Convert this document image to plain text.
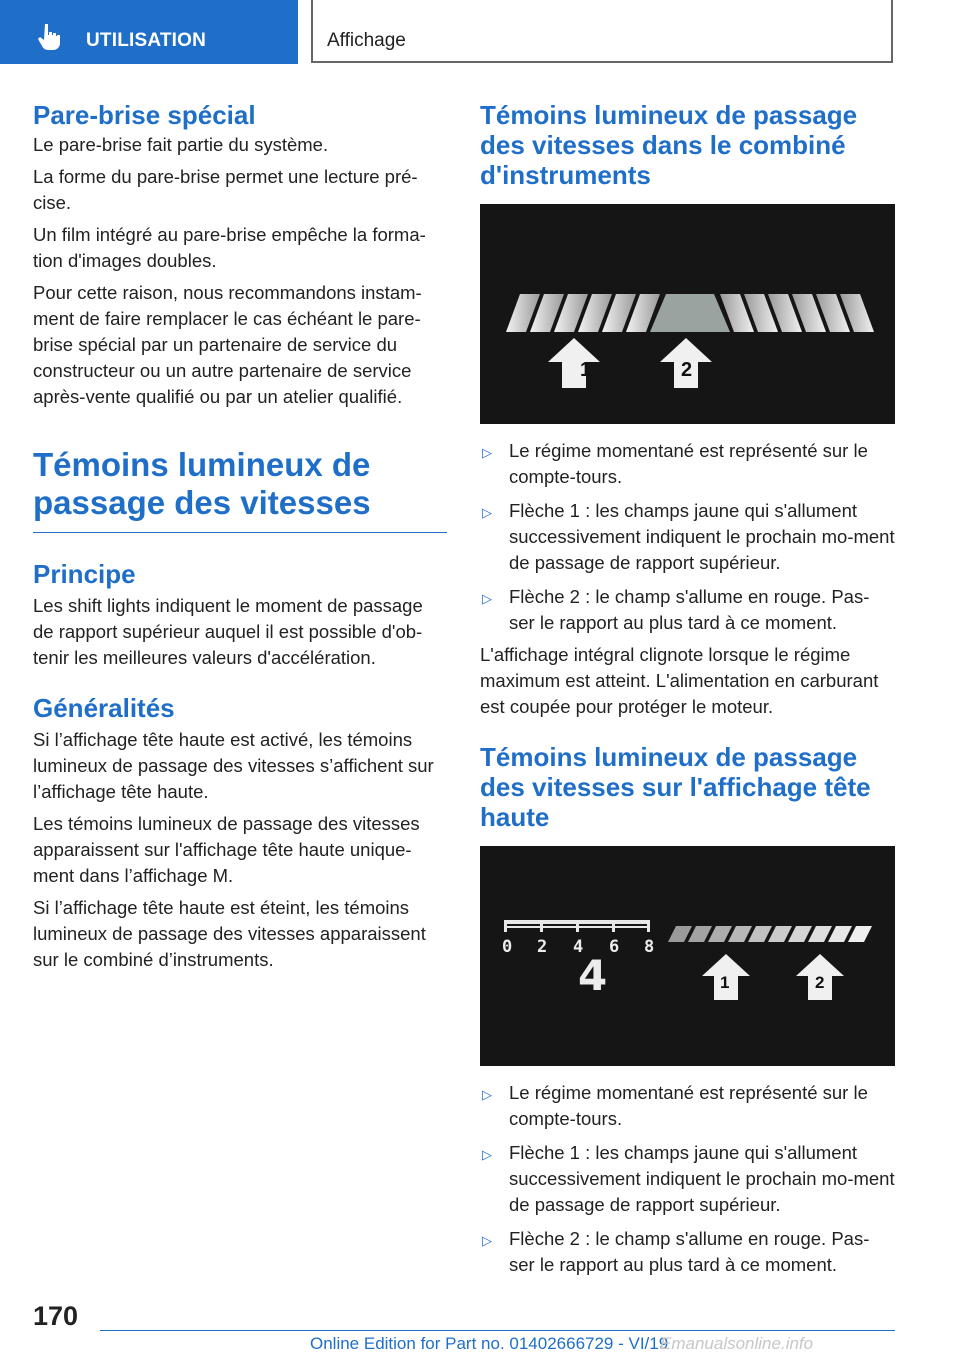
UTILISATION	Affichage
Pare-brise spécial

Le pare-brise fait partie du système.

La forme du pare-brise permet une lecture pré-cise.

Un film intégré au pare-brise empêche la forma-tion d'images doubles.

Pour cette raison, nous recommandons instam-ment de faire remplacer le cas échéant le pare-brise spécial par un partenaire de service du constructeur ou un autre partenaire de service après-vente qualifié ou par un atelier qualifié.

Témoins lumineux de passage des vitesses
Principe

Les shift lights indiquent le moment de passage de rapport supérieur auquel il est possible d'ob-tenir les meilleures valeurs d'accélération.

Généralités

Si l’affichage tête haute est activé, les témoins lumineux de passage des vitesses s’affichent sur l’affichage tête haute.

Les témoins lumineux de passage des vitesses apparaissent sur l'affichage tête haute unique-ment dans l’affichage M.

Si l’affichage tête haute est éteint, les témoins lumineux de passage des vitesses apparaissent sur le combiné d’instruments.

Témoins lumineux de passage des vitesses dans le combiné d'instruments
1	2
▷ Le régime momentané est représenté sur le compte-tours.
▷ Flèche 1 : les champs jaune qui s'allument successivement indiquent le prochain mo-ment de passage de rapport supérieur.
▷ Flèche 2 : le champ s'allume en rouge. Pas-ser le rapport au plus tard à ce moment.

L'affichage intégral clignote lorsque le régime maximum est atteint. L'alimentation en carburant est coupée pour protéger le moteur.

Témoins lumineux de passage des vitesses sur l'affichage tête haute
0 2 4 6 8
4	1	2
▷ Le régime momentané est représenté sur le compte-tours.
▷ Flèche 1 : les champs jaune qui s'allument successivement indiquent le prochain mo-ment de passage de rapport supérieur.
▷ Flèche 2 : le champ s'allume en rouge. Pas-ser le rapport au plus tard à ce moment.
170
Online Edition for Part no. 01402666729 - VI/19
Emanualsonline.info
